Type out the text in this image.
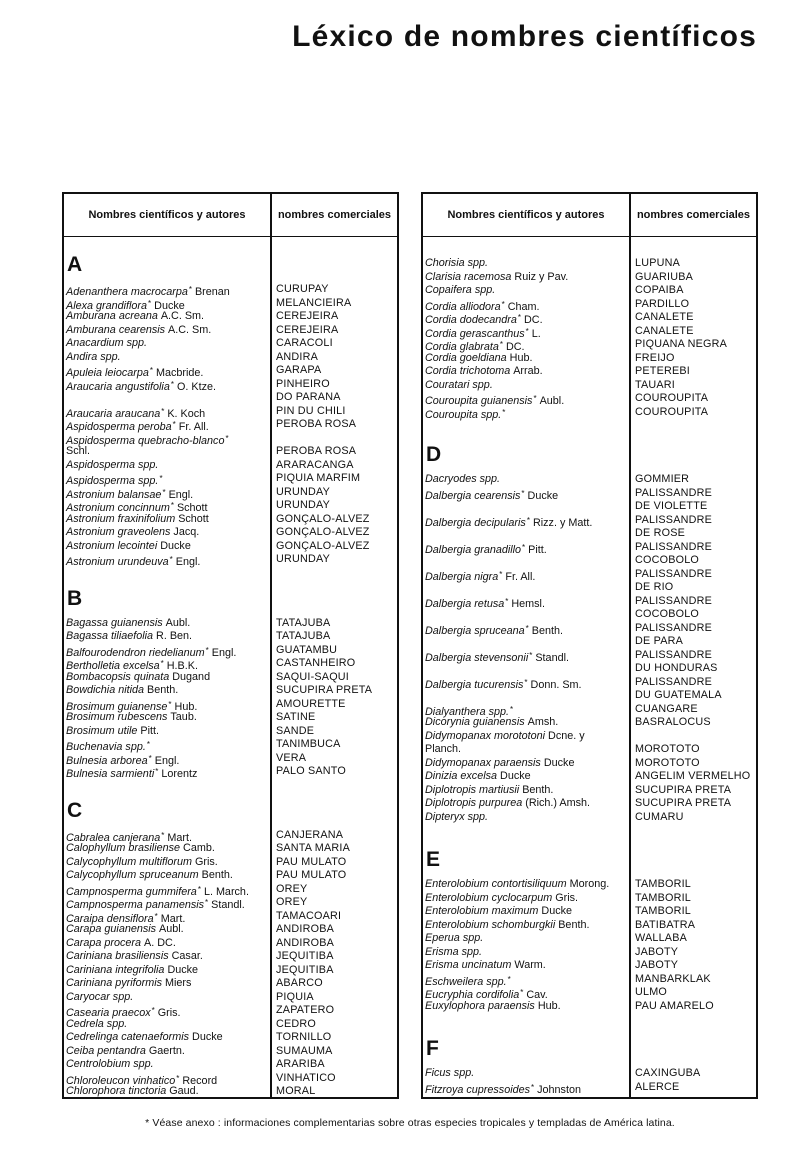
Léxico de nombres científicos
Nombres científicos y autores	nombres comerciales
A
Adenanthera macrocarpa* Brenan	CURUPAY
Alexa grandiflora* Ducke	MELANCIEIRA
Amburana acreana A.C. Sm.	CEREJEIRA
Amburana cearensis A.C. Sm.	CEREJEIRA
Anacardium spp.	CARACOLI
Andira spp.	ANDIRA
Apuleia leiocarpa* Macbride.	GARAPA
Araucaria angustifolia* O. Ktze.	PINHEIRO
DO PARANA
Araucaria araucana* K. Koch	PIN DU CHILI
Aspidosperma peroba* Fr. All.	PEROBA ROSA
Aspidosperma quebracho-blanco*
Schl.	PEROBA ROSA
Aspidosperma spp.	ARARACANGA
Aspidosperma spp.*	PIQUIA MARFIM
Astronium balansae* Engl.	URUNDAY
Astronium concinnum* Schott	URUNDAY
Astronium fraxinifolium Schott	GONÇALO-ALVEZ
Astronium graveolens Jacq.	GONÇALO-ALVEZ
Astronium lecointei Ducke	GONÇALO-ALVEZ
Astronium urundeuva* Engl.	URUNDAY
B
Bagassa guianensis Aubl.	TATAJUBA
Bagassa tiliaefolia R. Ben.	TATAJUBA
Balfourodendron riedelianum* Engl.	GUATAMBU
Bertholletia excelsa* H.B.K.	CASTANHEIRO
Bombacopsis quinata Dugand	SAQUI-SAQUI
Bowdichia nitida Benth.	SUCUPIRA PRETA
Brosimum guianense* Hub.	AMOURETTE
Brosimum rubescens Taub.	SATINE
Brosimum utile Pitt.	SANDE
Buchenavia spp.*	TANIMBUCA
Bulnesia arborea* Engl.	VERA
Bulnesia sarmienti* Lorentz	PALO SANTO
C
Cabralea canjerana* Mart.	CANJERANA
Calophyllum brasiliense Camb.	SANTA MARIA
Calycophyllum multiflorum Gris.	PAU MULATO
Calycophyllum spruceanum Benth.	PAU MULATO
Campnosperma gummifera* L. March.	OREY
Campnosperma panamensis* Standl.	OREY
Caraipa densiflora* Mart.	TAMACOARI
Carapa guianensis Aubl.	ANDIROBA
Carapa procera A. DC.	ANDIROBA
Cariniana brasiliensis Casar.	JEQUITIBA
Cariniana integrifolia Ducke	JEQUITIBA
Cariniana pyriformis Miers	ABARCO
Caryocar spp.	PIQUIA
Casearia praecox* Gris.	ZAPATERO
Cedrela spp.	CEDRO
Cedrelinga catenaeformis Ducke	TORNILLO
Ceiba pentandra Gaertn.	SUMAUMA
Centrolobium spp.	ARARIBA
Chloroleucon vinhatico* Record	VINHATICO
Chlorophora tinctoria Gaud.	MORAL
Nombres científicos y autores	nombres comerciales
Chorisia spp.	LUPUNA
Clarisia racemosa Ruiz y Pav.	GUARIUBA
Copaifera spp.	COPAIBA
Cordia alliodora* Cham.	PARDILLO
Cordia dodecandra* DC.	CANALETE
Cordia gerascanthus* L.	CANALETE
Cordia glabrata* DC.	PIQUANA NEGRA
Cordia goeldiana Hub.	FREIJO
Cordia trichotoma Arrab.	PETEREBI
Couratari spp.	TAUARI
Couroupita guianensis* Aubl.	COUROUPITA
Couroupita spp.*	COUROUPITA
D
Dacryodes spp.	GOMMIER
Dalbergia cearensis* Ducke	PALISSANDRE
DE VIOLETTE
Dalbergia decipularis* Rizz. y Matt.	PALISSANDRE
DE ROSE
Dalbergia granadillo* Pitt.	PALISSANDRE
COCOBOLO
Dalbergia nigra* Fr. All.	PALISSANDRE
DE RIO
Dalbergia retusa* Hemsl.	PALISSANDRE
COCOBOLO
Dalbergia spruceana* Benth.	PALISSANDRE
DE PARA
Dalbergia stevensonii* Standl.	PALISSANDRE
DU HONDURAS
Dalbergia tucurensis* Donn. Sm.	PALISSANDRE
DU GUATEMALA
Dialyanthera spp.*	CUANGARE
Dicorynia guianensis Amsh.	BASRALOCUS
Didymopanax morototoni Dcne. y
Planch.	MOROTOTO
Didymopanax paraensis Ducke	MOROTOTO
Dinizia excelsa Ducke	ANGELIM VERMELHO
Diplotropis martiusii Benth.	SUCUPIRA PRETA
Diplotropis purpurea (Rich.) Amsh.	SUCUPIRA PRETA
Dipteryx spp.	CUMARU
E
Enterolobium contortisiliquum Morong.	TAMBORIL
Enterolobium cyclocarpum Gris.	TAMBORIL
Enterolobium maximum Ducke	TAMBORIL
Enterolobium schomburgkii Benth.	BATIBATRA
Eperua spp.	WALLABA
Erisma spp.	JABOTY
Erisma uncinatum Warm.	JABOTY
Eschweilera spp.*	MANBARKLAK
Eucryphia cordifolia* Cav.	ULMO
Euxylophora paraensis Hub.	PAU AMARELO
F
Ficus spp.	CAXINGUBA
Fitzroya cupressoides* Johnston	ALERCE
* Véase anexo : informaciones complementarias sobre otras especies tropicales y templadas de América latina.
